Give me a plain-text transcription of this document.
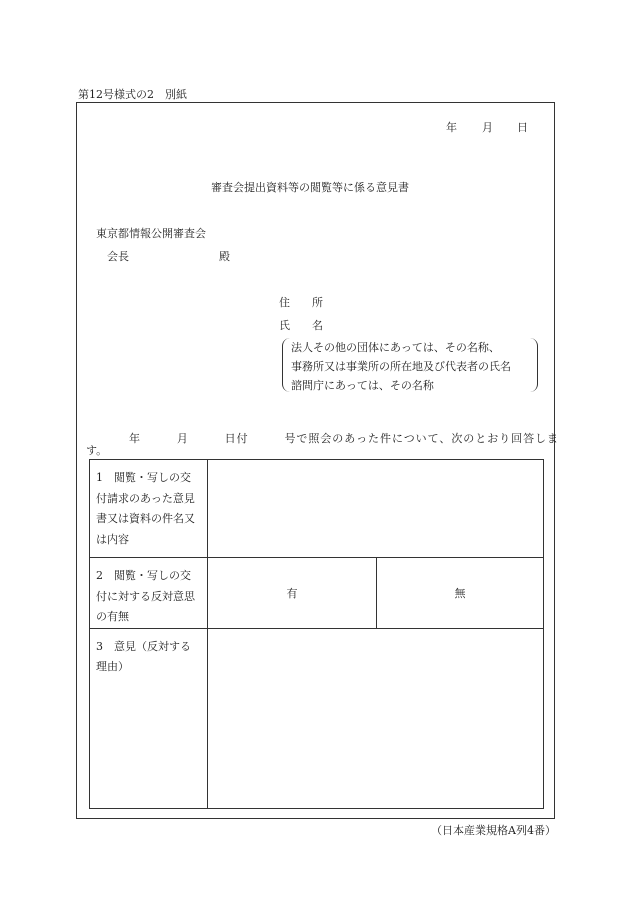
第12号様式の2　別紙
年 月 日
審査会提出資料等の閲覧等に係る意見書
東京都情報公開審査会
会長	殿
住　　所
氏　　名
法人その他の団体にあっては、その名称、
事務所又は事業所の所在地及び代表者の氏名
諮問庁にあっては、その名称
年　　　月　　　日付　　　号で照会のあった件について、次のとおり回答しま
す。
1　閲覧・写しの交付請求のあった意見書又は資料の件名又は内容		

2　閲覧・写しの交付に対する反対意思の有無	有	無

3　意見（反対する理由）		

（日本産業規格A列4番）
